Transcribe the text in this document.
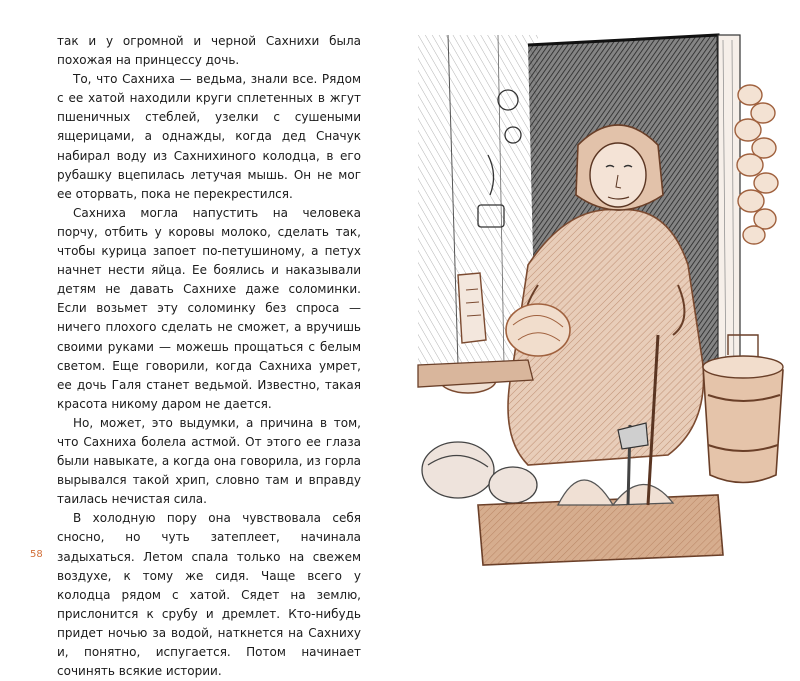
так и у огромной и черной Сахнихи была похожая на принцессу дочь.

То, что Сахниха — ведьма, знали все. Рядом с ее хатой находили круги сплетенных в жгут пшеничных стеблей, узелки с сушеными ящерицами, а однажды, когда дед Сначук набирал воду из Сахнихиного колодца, в его рубашку вцепилась летучая мышь. Он не мог ее оторвать, пока не перекрестился.

Сахниха могла напустить на человека порчу, отбить у коровы молоко, сделать так, чтобы курица запоет по-петушиному, а петух начнет нести яйца. Ее боялись и наказывали детям не давать Сахнихе даже соломинки. Если возьмет эту соломинку без спроса — ничего плохого сделать не сможет, а вручишь своими руками — можешь прощаться с белым светом. Еще говорили, когда Сахниха умрет, ее дочь Галя станет ведьмой. Известно, такая красота никому даром не дается.

Но, может, это выдумки, а причина в том, что Сахниха болела астмой. От этого ее глаза были навыкате, а когда она говорила, из горла вырывался такой хрип, словно там и вправду таилась нечистая сила.

В холодную пору она чувствовала себя сносно, но чуть затеплеет, начинала задыхаться. Летом спала только на свежем воздухе, к тому же сидя. Чаще всего у колодца рядом с хатой. Сядет на землю, прислонится к срубу и дремлет. Кто-нибудь придет ночью за водой, наткнется на Сахниху и, понятно, испугается. Потом начинает сочинять всякие истории.

58
